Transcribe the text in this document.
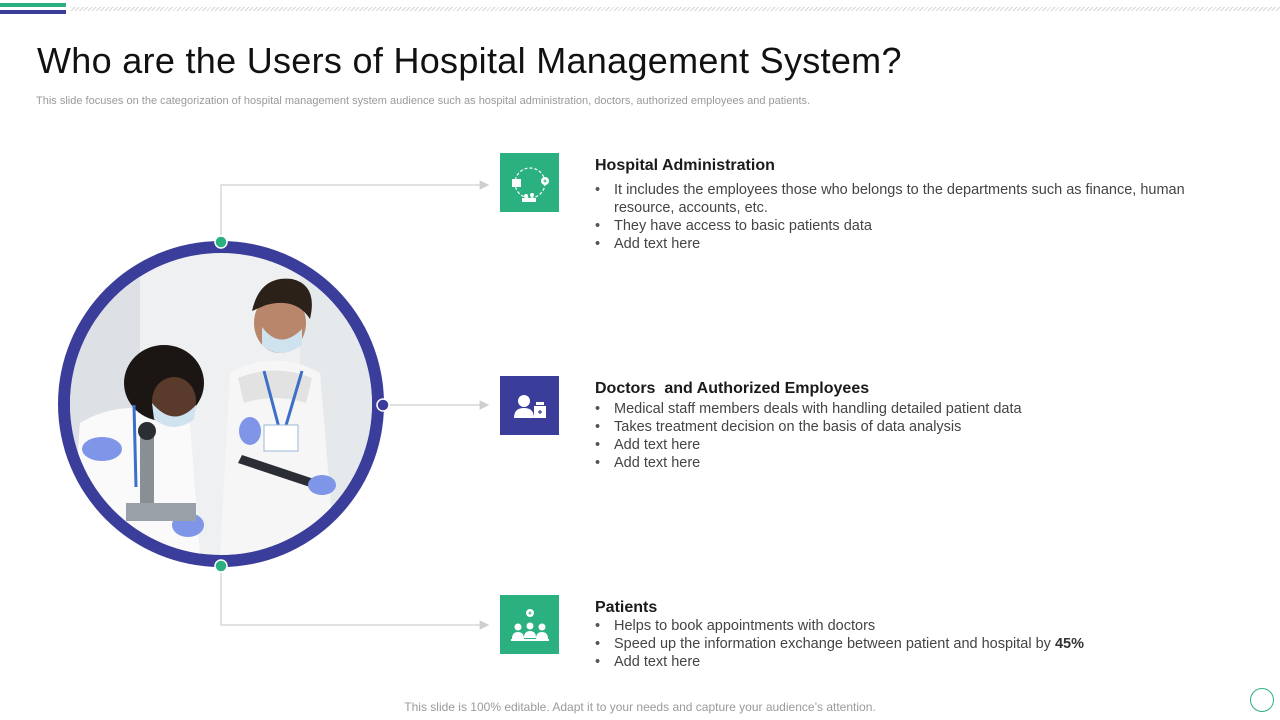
Who are the Users of Hospital Management System?

This slide focuses on the categorization of hospital management system audience such as hospital administration, doctors, authorized employees and patients.

Hospital Administration
• It includes the employees those who belongs to the departments such as finance, human resource, accounts, etc.
• They have access to basic patients data
• Add text here
Doctors  and Authorized Employees
• Medical staff members deals with handling detailed patient data
• Takes treatment decision on the basis of data analysis
• Add text here
• Add text here
Patients
• Helps to book appointments with doctors
• Speed up the information exchange between patient and hospital by 45%
• Add text here
This slide is 100% editable. Adapt it to your needs and capture your audience’s attention.
